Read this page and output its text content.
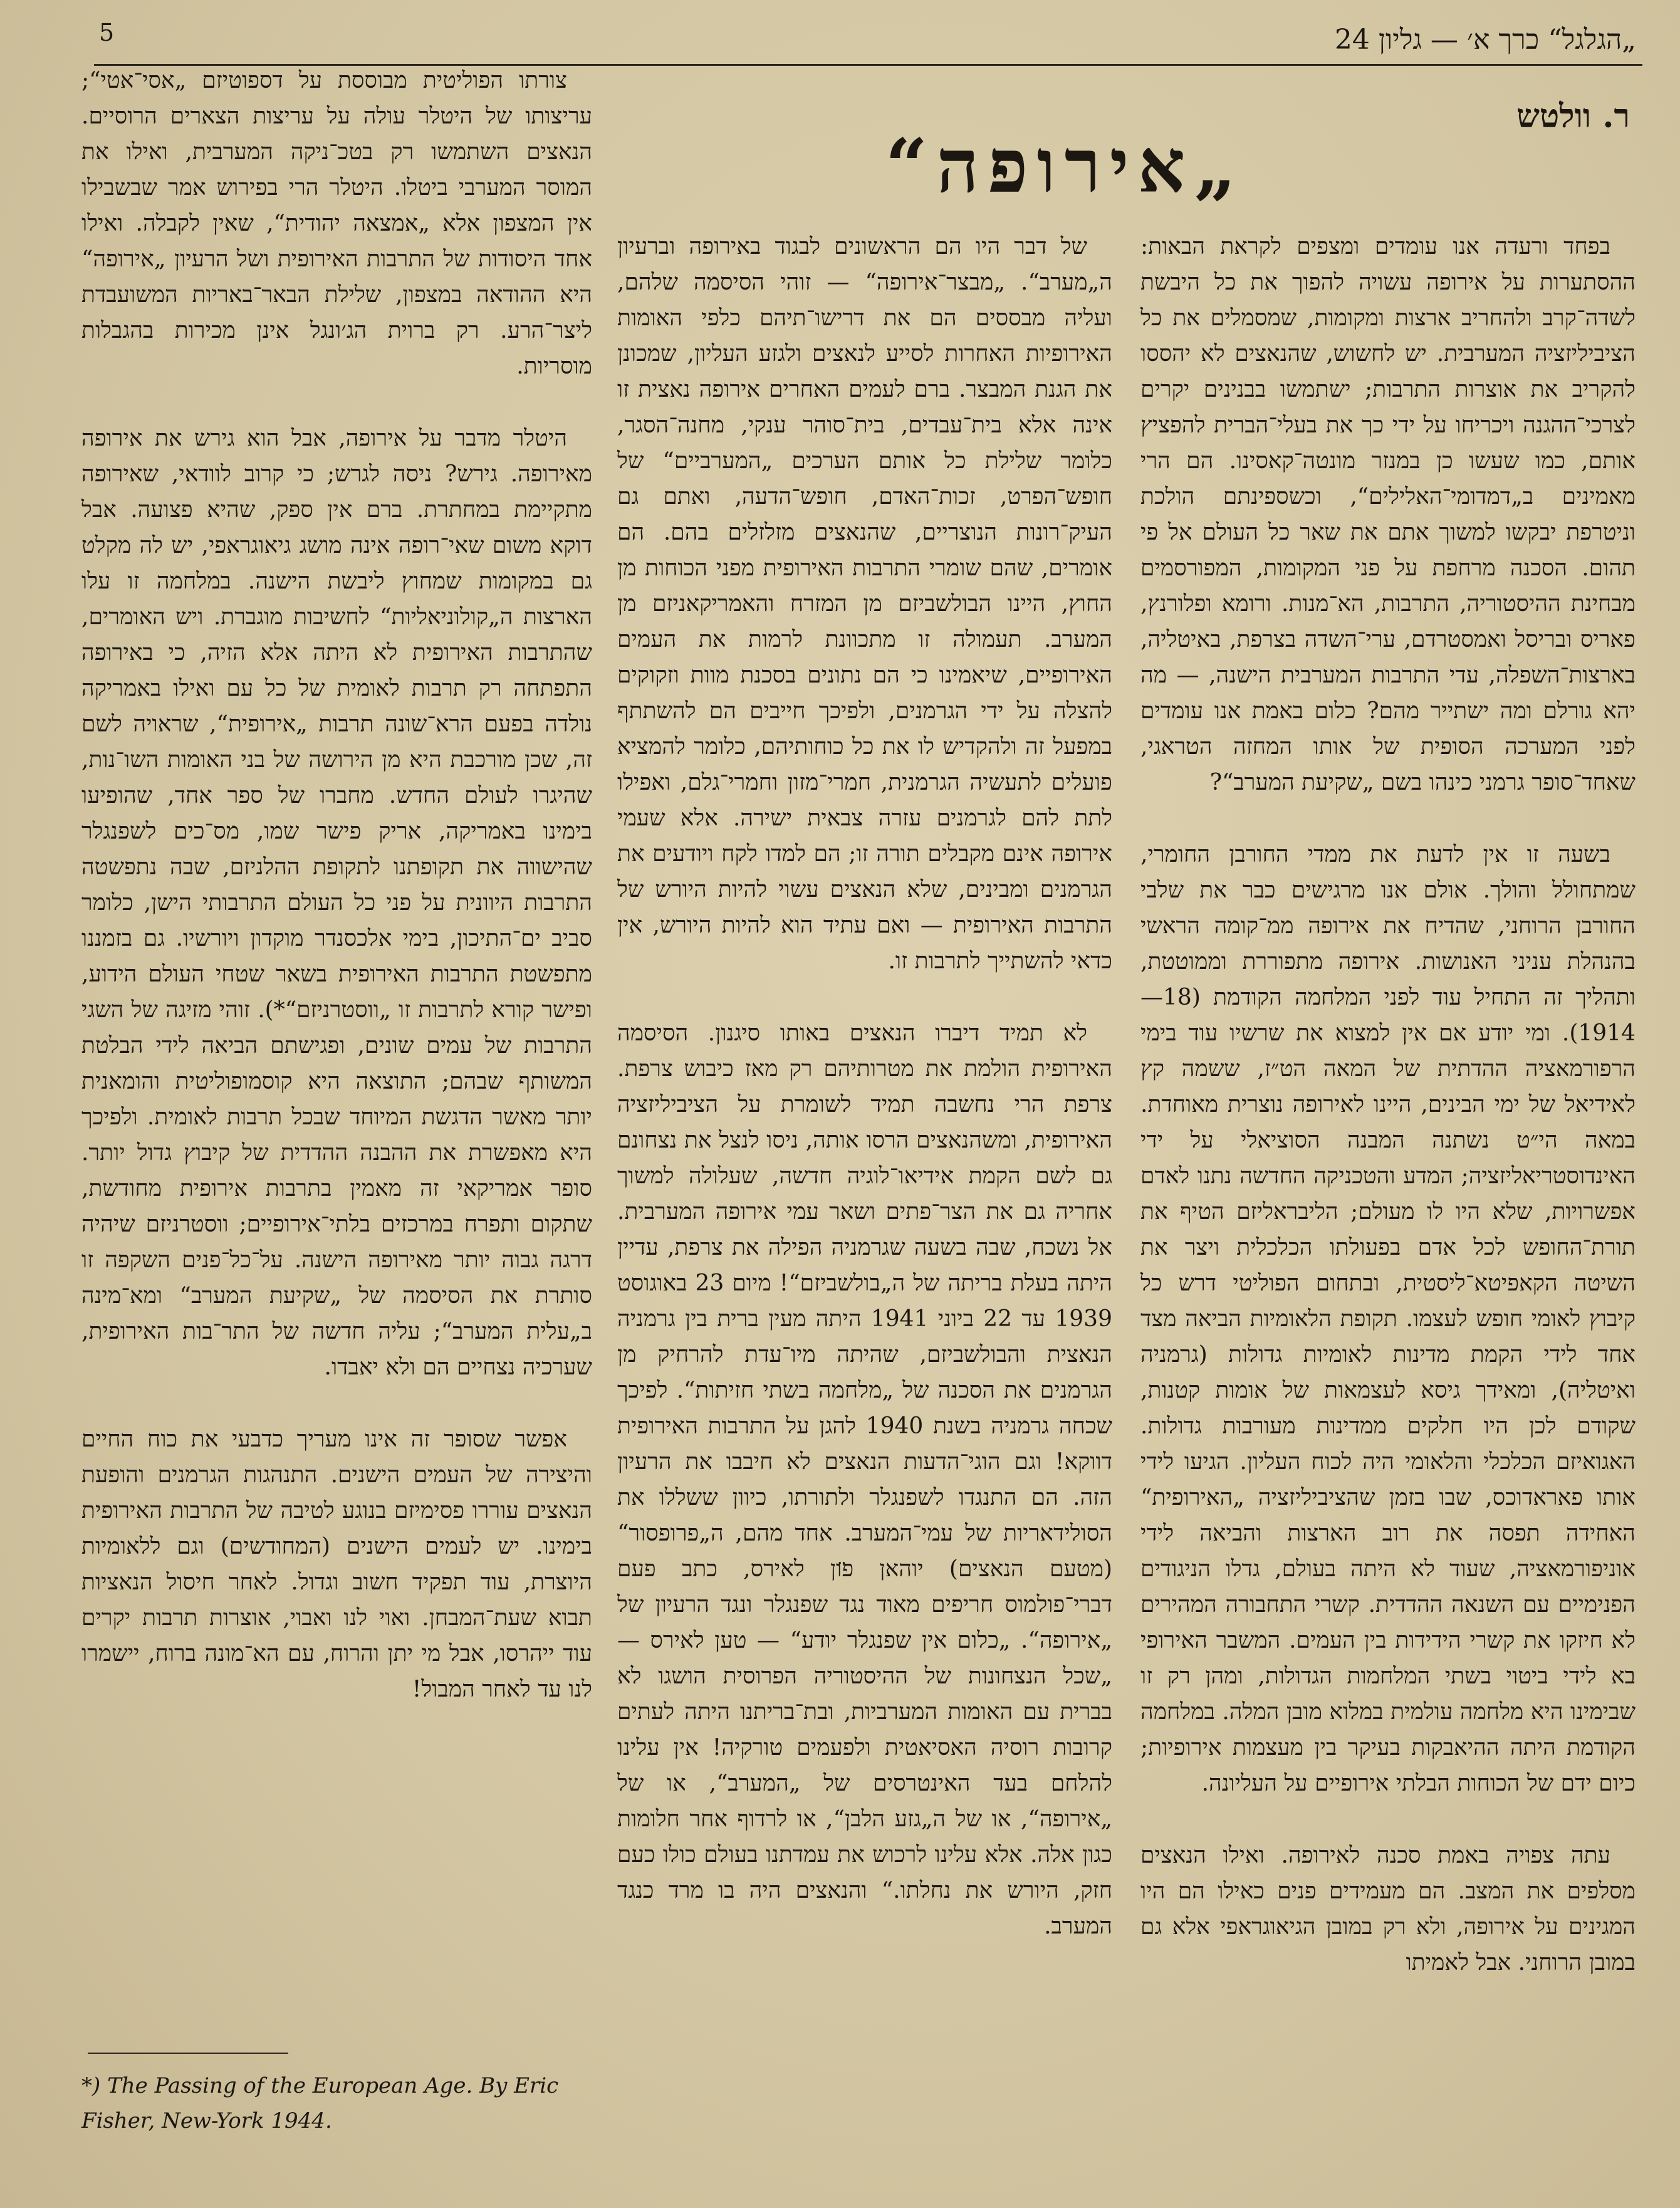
5	„הגלגל“ כרך א׳ — גליון 24
ר. וולטש
„אירופה“

בפחד ורעדה אנו עומדים ומצפים לקראת הבאות: ההסתערות על אירופה עשויה להפוך את כל היבשת לשדה־קרב ולהחריב ארצות ומקומות, שמסמלים את כל הציביליזציה המערבית. יש לחשוש, שהנאצים לא יהססו להקריב את אוצרות התרבות; ישתמשו בבנינים יקרים לצרכי־ההגנה ויכריחו על ידי כך את בעלי־הברית להפציץ אותם, כמו שעשו כן במנזר מונטה־קאסינו. הם הרי מאמינים ב„דמדומי־האלילים“, וכשספינתם הולכת וניטרפת יבקשו למשוך אתם את שאר כל העולם אל פי תהום. הסכנה מרחפת על פני המקומות, המפורסמים מבחינת ההיסטוריה, התרבות, הא־מנות. ורומא ופלורנץ, פאריס ובריסל ואמסטרדם, ערי־השדה בצרפת, באיטליה, בארצות־השפלה, עדי התרבות המערבית הישנה, — מה יהא גורלם ומה ישתייר מהם? כלום באמת אנו עומדים לפני המערכה הסופית של אותו המחזה הטראגי, שאחד־סופר גרמני כינהו בשם „שקיעת המערב“?

בשעה זו אין לדעת את ממדי החורבן החומרי, שמתחולל והולך. אולם אנו מרגישים כבר את שלבי החורבן הרוחני, שהדיח את אירופה ממ־קומה הראשי בהנהלת עניני האנושות. אירופה מתפוררת וממוטטת, ותהליך זה התחיל עוד לפני המלחמה הקודמת (18—1914). ומי יודע אם אין למצוא את שרשיו עוד בימי הרפורמאציה ההדתית של המאה הט״ז, ששמה קץ לאידיאל של ימי הבינים, היינו לאירופה נוצרית מאוחדת. במאה הי״ט נשתנה המבנה הסוציאלי על ידי האינדוסטריאליזציה; המדע והטכניקה החדשה נתנו לאדם אפשרויות, שלא היו לו מעולם; הליבראליזם הטיף את תורת־החופש לכל אדם בפעולתו הכלכלית ויצר את השיטה הקאפיטא־ליסטית, ובתחום הפוליטי דרש כל קיבוץ לאומי חופש לעצמו. תקופת הלאומיות הביאה מצד אחד לידי הקמת מדינות לאומיות גדולות (גרמניה ואיטליה), ומאידך גיסא לעצמאות של אומות קטנות, שקודם לכן היו חלקים ממדינות מעורבות גדולות. האגואיזם הכלכלי והלאומי היה לכוח העליון. הגיעו לידי אותו פאראדוכס, שבו בזמן שהציביליזציה „האירופית“ האחידה תפסה את רוב הארצות והביאה לידי אוניפורמאציה, שעוד לא היתה בעולם, גדלו הניגודים הפנימיים עם השנאה ההדדית. קשרי התחבורה המהירים לא חיזקו את קשרי הידידות בין העמים. המשבר האירופי בא לידי ביטוי בשתי המלחמות הגדולות, ומהן רק זו שבימינו היא מלחמה עולמית במלוא מובן המלה. במלחמה הקודמת היתה ההיאבקות בעיקר בין מעצמות אירופיות; כיום ידם של הכוחות הבלתי אירופיים על העליונה.

עתה צפויה באמת סכנה לאירופה. ואילו הנאצים מסלפים את המצב. הם מעמידים פנים כאילו הם היו המגינים על אירופה, ולא רק במובן הגיאוגראפי אלא גם במובן הרוחני. אבל לאמיתו

של דבר היו הם הראשונים לבגוד באירופה וברעיון ה„מערב“. „מבצר־אירופה“ — זוהי הסיסמה שלהם, ועליה מבססים הם את דרישו־תיהם כלפי האומות האירופיות האחרות לסייע לנאצים ולגזע העליון, שמכונן את הגנת המבצר. ברם לעמים האחרים אירופה נאצית זו אינה אלא בית־עבדים, בית־סוהר ענקי, מחנה־הסגר, כלומר שלילת כל אותם הערכים „המערביים“ של חופש־הפרט, זכות־האדם, חופש־הדעה, ואתם גם העיק־רונות הנוצריים, שהנאצים מזלזלים בהם. הם אומרים, שהם שומרי התרבות האירופית מפני הכוחות מן החוץ, היינו הבולשביזם מן המזרח והאמריקאניזם מן המערב. תעמולה זו מתכוונת לרמות את העמים האירופיים, שיאמינו כי הם נתונים בסכנת מוות וזקוקים להצלה על ידי הגרמנים, ולפיכך חייבים הם להשתתף במפעל זה ולהקדיש לו את כל כוחותיהם, כלומר להמציא פועלים לתעשיה הגרמנית, חמרי־מזון וחמרי־גלם, ואפילו לתת להם לגרמנים עזרה צבאית ישירה. אלא שעמי אירופה אינם מקבלים תורה זו; הם למדו לקח ויודעים את הגרמנים ומבינים, שלא הנאצים עשוי להיות היורש של התרבות האירופית — ואם עתיד הוא להיות היורש, אין כדאי להשתייך לתרבות זו.

לא תמיד דיברו הנאצים באותו סיגנון. הסיסמה האירופית הולמת את מטרותיהם רק מאז כיבוש צרפת. צרפת הרי נחשבה תמיד לשומרת על הציביליזציה האירופית, ומשהנאצים הרסו אותה, ניסו לנצל את נצחונם גם לשם הקמת אידיאו־לוגיה חדשה, שעלולה למשוך אחריה גם את הצר־פתים ושאר עמי אירופה המערבית. אל נשכח, שבה בשעה שגרמניה הפילה את צרפת, עדיין היתה בעלת בריתה של ה„בולשביזם“! מיום 23 באוגוסט 1939 עד 22 ביוני 1941 היתה מעין ברית בין גרמניה הנאצית והבולשביזם, שהיתה מיו־עדת להרחיק מן הגרמנים את הסכנה של „מלחמה בשתי חזיתות“. לפיכך שכחה גרמניה בשנת 1940 להגן על התרבות האירופית דווקא! וגם הוגי־הדעות הנאצים לא חיבבו את הרעיון הזה. הם התנגדו לשפנגלר ולתורתו, כיוון ששללו את הסולידאריות של עמי־המערב. אחד מהם, ה„פרופסור“ (מטעם הנאצים) יוהאן פ̈ון לאירס, כתב פעם דברי־פולמוס חריפים מאוד נגד שפנגלר ונגד הרעיון של „אירופה“. „כלום אין שפנגלר יודע“ — טען לאירס — „שכל הנצחונות של ההיסטוריה הפרוסית הושגו לא בברית עם האומות המערביות, ובת־בריתנו היתה לעתים קרובות רוסיה האסיאטית ולפעמים טורקיה! אין עלינו להלחם בעד האינטרסים של „המערב“, או של „אירופה“, או של ה„גזע הלבן“, או לרדוף אחר חלומות כגון אלה. אלא עלינו לרכוש את עמדתנו בעולם כולו כעם חזק, היורש את נחלתו.“ והנאצים היה בו מרד כנגד המערב.

צורתו הפוליטית מבוססת על דספוטיזם „אסי־אטי“; עריצותו של היטלר עולה על עריצות הצארים הרוסיים. הנאצים השתמשו רק בטכ־ניקה המערבית, ואילו את המוסר המערבי ביטלו. היטלר הרי בפירוש אמר שבשבילו אין המצפון אלא „אמצאה יהודית“, שאין לקבלה. ואילו אחד היסודות של התרבות האירופית ושל הרעיון „אירופה“ היא ההודאה במצפון, שלילת הבאר־באריות המשועבדת ליצר־הרע. רק ברוית הג׳ונגל אינן מכירות בהגבלות מוסריות.

היטלר מדבר על אירופה, אבל הוא גירש את אירופה מאירופה. גירש? ניסה לגרש; כי קרוב לוודאי, שאירופה מתקיימת במחתרת. ברם אין ספק, שהיא פצועה. אבל דוקא משום שאי־רופה אינה מושג גיאוגראפי, יש לה מקלט גם במקומות שמחוץ ליבשת הישנה. במלחמה זו עלו הארצות ה„קולוניאליות“ לחשיבות מוגברת. ויש האומרים, שהתרבות האירופית לא היתה אלא הזיה, כי באירופה התפתחה רק תרבות לאומית של כל עם ואילו באמריקה נולדה בפעם הרא־שונה תרבות „אירופית“, שראויה לשם זה, שכן מורכבת היא מן הירושה של בני האומות השו־נות, שהיגרו לעולם החדש. מחברו של ספר אחד, שהופיעו בימינו באמריקה, אריק פישר שמו, מס־כים לשפנגלר שהישווה את תקופתנו לתקופת ההלניזם, שבה נתפשטה התרבות היוונית על פני כל העולם התרבותי הישן, כלומר סביב ים־התיכון, בימי אלכסנדר מוקדון ויורשיו. גם בזמננו מתפשטת התרבות האירופית בשאר שטחי העולם הידוע, ופישר קורא לתרבות זו „ווסטרניזם“*). זוהי מזיגה של השגי התרבות של עמים שונים, ופגישתם הביאה לידי הבלטת המשותף שבהם; התוצאה היא קוסמופוליטית והומאנית יותר מאשר הדגשת המיוחד שבכל תרבות לאומית. ולפיכך היא מאפשרת את ההבנה ההדדית של קיבוץ גדול יותר. סופר אמריקאי זה מאמין בתרבות אירופית מחודשת, שתקום ותפרח במרכזים בלתי־אירופיים; ווסטרניזם שיהיה דרגה גבוה יותר מאירופה הישנה. על־כל־פנים השקפה זו סותרת את הסיסמה של „שקיעת המערב“ ומא־מינה ב„עלית המערב“; עליה חדשה של התר־בות האירופית, שערכיה נצחיים הם ולא יאבדו.

אפשר שסופר זה אינו מעריך כדבעי את כוח החיים והיצירה של העמים הישנים. התנהגות הגרמנים והופעת הנאצים עוררו פסימיזם בנוגע לטיבה של התרבות האירופית בימינו. יש לעמים הישנים (המחודשים) וגם ללאומיות היוצרת, עוד תפקיד חשוב וגדול. לאחר חיסול הנאציות תבוא שעת־המבחן. ואוי לנו ואבוי, אוצרות תרבות יקרים עוד ייהרסו, אבל מי יתן והרוח, עם הא־מונה ברוח, יישמרו לנו עד לאחר המבול!

*) The Passing of the European Age. By Eric Fisher, New-York 1944.
